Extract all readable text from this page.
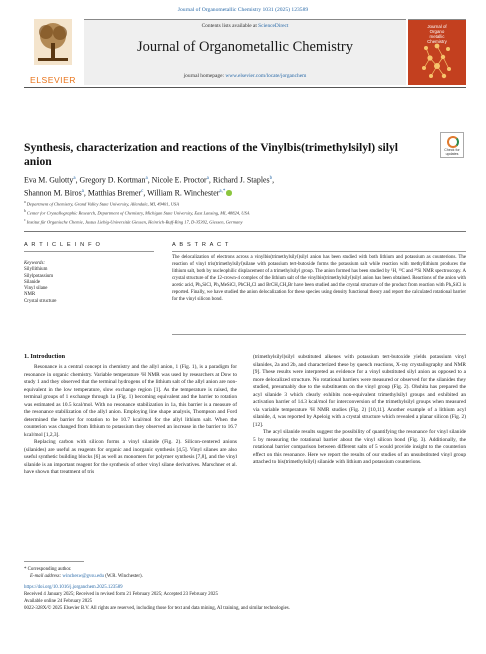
Journal of Organometallic Chemistry 1031 (2025) 123589
ELSEVIER
Contents lists available at ScienceDirect
Journal of Organometallic Chemistry
journal homepage: www.elsevier.com/locate/jorganchem
Journal of
Organo
metallic
Chemistry
Synthesis, characterization and reactions of the Vinylbis(trimethylsilyl) silyl anion
Check for
updates
Eva M. Gulotty$^a$, Gregory D. Kortman$^a$, Nicole E. Proctor$^a$, Richard J. Staples$^b$,
Shannon M. Biros$^a$, Matthias Bremer$^c$, William R. Winchester$^{a,*}$
$^a$ Department of Chemistry, Grand Valley State University, Allendale, MI, 49401, USA
$^b$ Center for Crystallographic Research, Department of Chemistry, Michigan State University, East Lansing, MI, 48824, USA
$^c$ Institut für Organische Chemie, Justus Liebig-Universität Giessen, Heinrich-Buff-Ring 17, D-35392, Giessen, Germany
A R T I C L E I N F O	A B S T R A C T
Keywords:
Silyllithium
Silylpotassium
Silanide
Vinyl silane
NMR
Crystal structure
The delocalization of electrons across a vinylbis(trimethylsilyl)silyl anion has been studied with both lithium and potassium as counterions. The reaction of vinyl tris(trimethylsilyl)silane with potassium tert-butoxide forms the potassium salt while reaction with methyllithium produces the lithium salt, both by nucleophilic displacement of a trimethylsilyl group. The anion formed has been studied by ¹H, ¹³C and ²⁹Si NMR spectroscopy. A crystal structure of the 12-crown-4 complex of the lithium salt of the vinylbis(trimethylsilyl)silyl anion has been obtained. Reactions of the anion with acetic acid, Ph₃SiCl, Ph₂MeSiCl, PhCH₂Cl and BrCH₂CH₂Br have been studied and the crystal structure of the product from reaction with Ph₃SiCl is reported. Finally, we have studied the anion delocalization for these species using density functional theory and report the calculated rotational barrier for the vinyl silicon bond.
1. Introduction

Resonance is a central concept in chemistry and the allyl anion, 1 (Fig. 1), is a paradigm for resonance in organic chemistry. Variable temperature ¹H NMR was used by researchers at Dow to study 1 and they observed that the terminal hydrogens of the lithium salt of the allyl anion are non-equivalent in the low temperature, slow exchange region [1]. As the temperature is raised, the terminal groups of 1 exchange through 1a (Fig. 1) becoming equivalent and the barrier to rotation was estimated as 10.5 kcal/mol. With no resonance stabilization in 1a, this barrier is a measure of the resonance stabilization of the allyl anion. Employing line shape analysis, Thompson and Ford determined the barrier for rotation to be 10.7 kcal/mol for the allyl lithium salt. When the counterion was changed from lithium to potassium they observed an increase in the barrier to 16.7 kcal/mol [1,2,3].

Replacing carbon with silicon forms a vinyl silanide (Fig. 2). Silicon-centered anions (silanides) are useful as reagents for organic and inorganic synthesis [4,5]. Vinyl silanes are also useful synthetic building blocks [6] as well as monomers for polymer synthesis [7,8], and the vinyl silanide is an important reagent for the synthesis of other vinyl silane derivatives. Marschner et al. have shown that treatment of tris

(trimethylsilyl)silyl substituted alkenes with potassium tert-butoxide yields potassium vinyl silanides, 2a and 2b, and characterized these by quench reactions, X-ray crystallography and NMR [9]. These results were interpreted as evidence for a vinyl substituted silyl anion as opposed to a more delocalized structure. No rotational barriers were measured or observed for the silanides they studied, presumably due to the substituents on the vinyl group (Fig. 2). Ohshita has prepared the acyl silanide 3 which clearly exhibits non-equivalent trimethylsilyl groups and exhibited an activation barrier of 14.3 kcal/mol for interconversion of the trimethylsilyl groups when measured via variable temperature ¹H NMR studies (Fig. 2) [10,11]. Another example of a lithium acyl silanide, 4, was reported by Apeloig with a crystal structure which revealed a planar silicon (Fig. 2) [12].

The acyl silanide results suggest the possibility of quantifying the resonance for vinyl silanide 5 by measuring the rotational barrier about the vinyl silicon bond (Fig. 3). Additionally, the rotational barrier comparison between different salts of 5 would provide insight to the counterion effect on this resonance. Here we report the results of our studies of an unsubstituted vinyl group attached to bis(trimethylsilyl) silanide with lithium and potassium counterions.

* Corresponding author.
E-mail address: winchesw@gvsu.edu (W.R. Winchester).
https://doi.org/10.1016/j.jorganchem.2025.123589
Received 4 January 2025; Received in revised form 21 February 2025; Accepted 23 February 2025
Available online 24 February 2025
0022-328X/© 2025 Elsevier B.V. All rights are reserved, including those for text and data mining, AI training, and similar technologies.
